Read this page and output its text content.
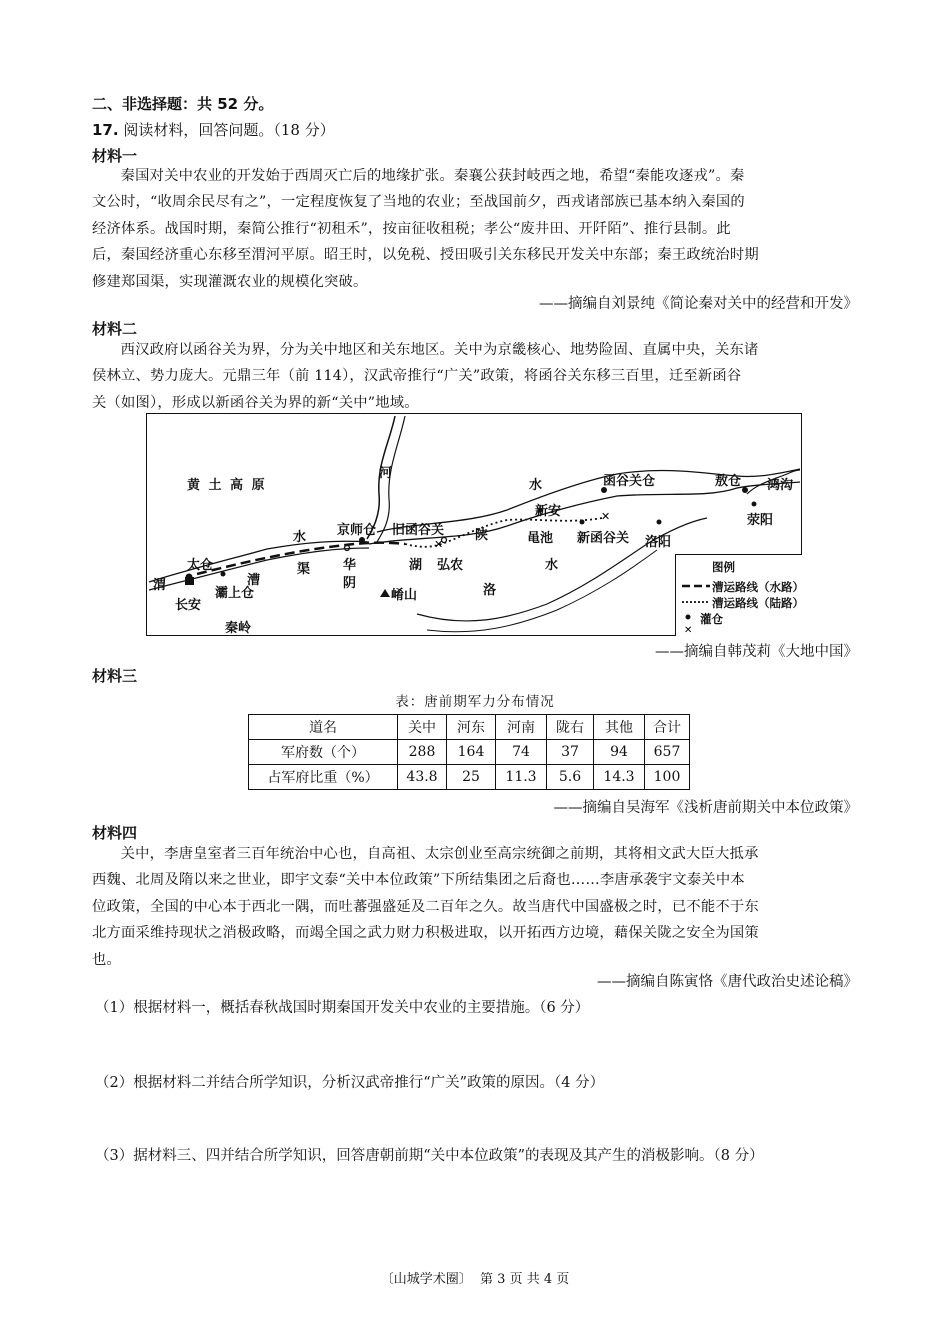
二、非选择题：共 52 分。
17. 阅读材料，回答问题。（18 分）
材料一
秦国对关中农业的开发始于西周灭亡后的地缘扩张。秦襄公获封岐西之地，希望“秦能攻逐戎”。秦
文公时，“收周余民尽有之”，一定程度恢复了当地的农业；至战国前夕，西戎诸部族已基本纳入秦国的
经济体系。战国时期，秦简公推行“初租禾”，按亩征收租税；孝公“废井田、开阡陌”、推行县制。此
后，秦国经济重心东移至渭河平原。昭王时，以免税、授田吸引关东移民开发关中东部；秦王政统治时期
修建郑国渠，实现灌溉农业的规模化突破。
——摘编自刘景纯《简论秦对关中的经营和开发》
材料二
西汉政府以函谷关为界，分为关中地区和关东地区。关中为京畿核心、地势险固、直属中央，关东诸
侯林立、势力庞大。元鼎三年（前 114），汉武帝推行“广关”政策，将函谷关东移三百里，迁至新函谷
关（如图），形成以新函谷关为界的新“关中”地域。
✕
✕
黄 土 高 原
河
水 京师仓 旧函谷关 陕
水	函谷关仓	敖仓 鸿沟
荥阳
新安
黾池 新函谷关 洛阳
水
太仓
渭
长安
灞上仓
漕
渠	华
阴
湖 弘农
崤山	洛
秦岭
图例
✕
漕运路线（水路）
漕运路线（陆路）
灌仓
——摘编自韩茂莉《大地中国》
材料三
表：唐前期军力分布情况
道名	关中	河东	河南	陇右	其他	合计
军府数（个）	288	164	74	37	94	657
占军府比重（%）	43.8	25	11.3	5.6	14.3	100
——摘编自吴海军《浅析唐前期关中本位政策》
材料四
关中，李唐皇室者三百年统治中心也，自高祖、太宗创业至高宗统御之前期，其将相文武大臣大抵承
西魏、北周及隋以来之世业，即宇文泰“关中本位政策”下所结集团之后裔也……李唐承袭宇文泰关中本
位政策，全国的中心本于西北一隅，而吐蕃强盛延及二百年之久。故当唐代中国盛极之时，已不能不于东
北方面采维持现状之消极政略，而竭全国之武力财力积极进取，以开拓西方边境，藉保关陇之安全为国策
也。
——摘编自陈寅恪《唐代政治史述论稿》
（1）根据材料一，概括春秋战国时期秦国开发关中农业的主要措施。（6 分）
（2）根据材料二并结合所学知识，分析汉武帝推行“广关”政策的原因。（4 分）
（3）据材料三、四并结合所学知识，回答唐朝前期“关中本位政策”的表现及其产生的消极影响。（8 分）
〔山城学术圈〕  第 3 页 共 4 页
